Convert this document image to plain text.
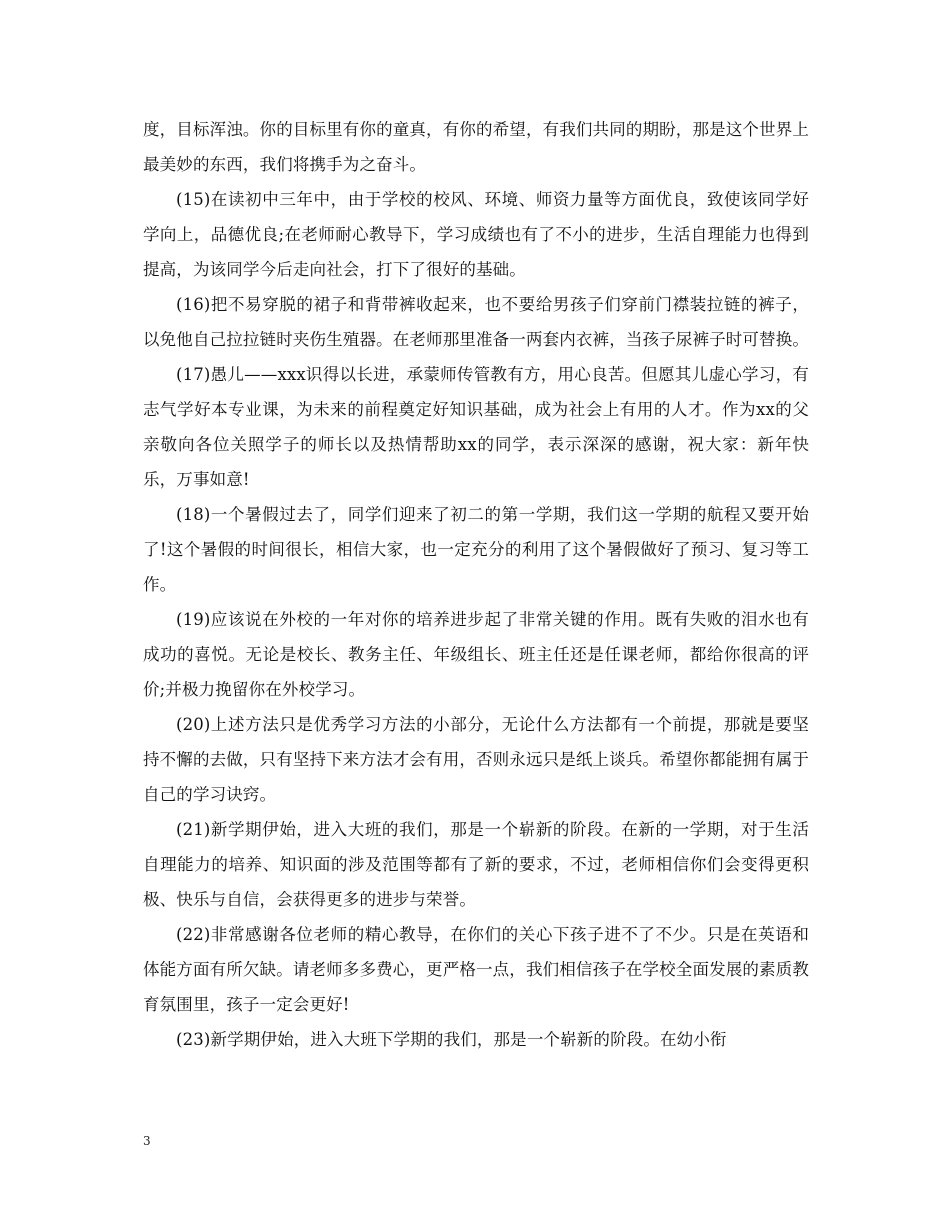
度，目标浑浊。你的目标里有你的童真，有你的希望，有我们共同的期盼，那是这个世界上最美妙的东西，我们将携手为之奋斗。

(15)在读初中三年中，由于学校的校风、环境、师资力量等方面优良，致使该同学好学向上，品德优良;在老师耐心教导下，学习成绩也有了不小的进步，生活自理能力也得到提高，为该同学今后走向社会，打下了很好的基础。

(16)把不易穿脱的裙子和背带裤收起来，也不要给男孩子们穿前门襟装拉链的裤子，以免他自己拉拉链时夹伤生殖器。在老师那里准备一两套内衣裤，当孩子尿裤子时可替换。

(17)愚儿——xxx识得以长进，承蒙师传管教有方，用心良苦。但愿其儿虚心学习，有志气学好本专业课，为未来的前程奠定好知识基础，成为社会上有用的人才。作为xx的父亲敬向各位关照学子的师长以及热情帮助xx的同学，表示深深的感谢，祝大家：新年快乐，万事如意!

(18)一个暑假过去了，同学们迎来了初二的第一学期，我们这一学期的航程又要开始了!这个暑假的时间很长，相信大家，也一定充分的利用了这个暑假做好了预习、复习等工作。

(19)应该说在外校的一年对你的培养进步起了非常关键的作用。既有失败的泪水也有成功的喜悦。无论是校长、教务主任、年级组长、班主任还是任课老师，都给你很高的评价;并极力挽留你在外校学习。

(20)上述方法只是优秀学习方法的小部分，无论什么方法都有一个前提，那就是要坚持不懈的去做，只有坚持下来方法才会有用，否则永远只是纸上谈兵。希望你都能拥有属于自己的学习诀窍。

(21)新学期伊始，进入大班的我们，那是一个崭新的阶段。在新的一学期，对于生活自理能力的培养、知识面的涉及范围等都有了新的要求，不过，老师相信你们会变得更积极、快乐与自信，会获得更多的进步与荣誉。

(22)非常感谢各位老师的精心教导，在你们的关心下孩子进不了不少。只是在英语和体能方面有所欠缺。请老师多多费心，更严格一点，我们相信孩子在学校全面发展的素质教育氛围里，孩子一定会更好!

(23)新学期伊始，进入大班下学期的我们，那是一个崭新的阶段。在幼小衔

3
